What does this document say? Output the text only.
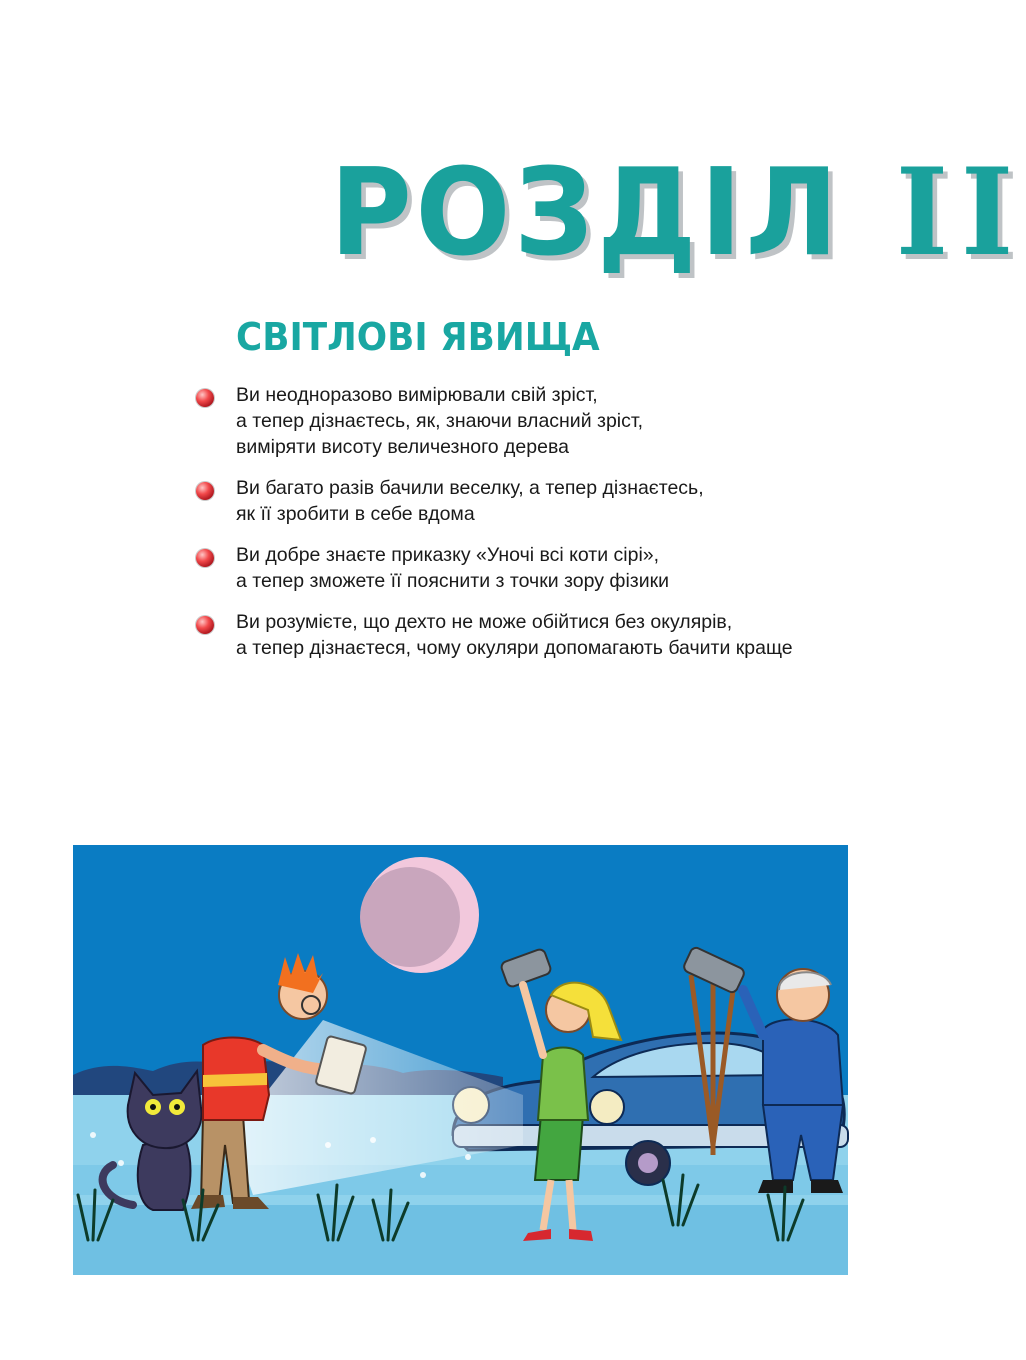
РОЗДІЛ II
СВІТЛОВІ ЯВИЩА
Ви неодноразово вимірювали свій зріст,
а тепер дізнаєтесь, як, знаючи власний зріст,
виміряти висоту величезного дерева
Ви багато разів бачили веселку, а тепер дізнаєтесь,
як її зробити в себе вдома
Ви добре знаєте приказку «Уночі всі коти сірі»,
а тепер зможете її пояснити з точки зору фізики
Ви розумієте, що дехто не може обійтися без окулярів,
а тепер дізнаєтеся, чому окуляри допомагають бачити краще
